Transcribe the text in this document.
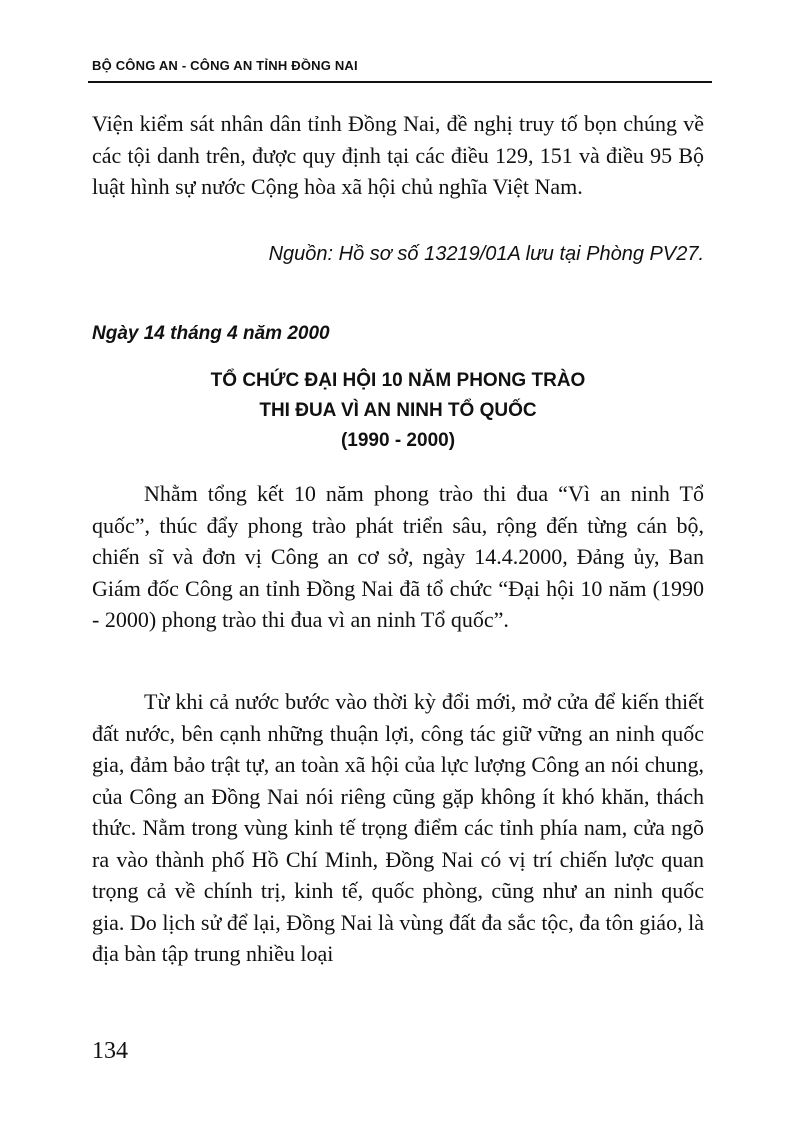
BỘ CÔNG AN - CÔNG AN TỈNH ĐỒNG NAI

Viện kiểm sát nhân dân tỉnh Đồng Nai, đề nghị truy tố bọn chúng về các tội danh trên, được quy định tại các điều 129, 151 và điều 95 Bộ luật hình sự nước Cộng hòa xã hội chủ nghĩa Việt Nam.

Nguồn: Hồ sơ số 13219/01A lưu tại Phòng PV27.

Ngày 14 tháng 4 năm 2000

TỔ CHỨC ĐẠI HỘI 10 NĂM PHONG TRÀO

THI ĐUA VÌ AN NINH TỔ QUỐC

(1990 - 2000)

Nhằm tổng kết 10 năm phong trào thi đua “Vì an ninh Tổ quốc”, thúc đẩy phong trào phát triển sâu, rộng đến từng cán bộ, chiến sĩ và đơn vị Công an cơ sở, ngày 14.4.2000, Đảng ủy, Ban Giám đốc Công an tỉnh Đồng Nai đã tổ chức “Đại hội 10 năm (1990 - 2000) phong trào thi đua vì an ninh Tổ quốc”.

Từ khi cả nước bước vào thời kỳ đổi mới, mở cửa để kiến thiết đất nước, bên cạnh những thuận lợi, công tác giữ vững an ninh quốc gia, đảm bảo trật tự, an toàn xã hội của lực lượng Công an nói chung, của Công an Đồng Nai nói riêng cũng gặp không ít khó khăn, thách thức. Nằm trong vùng kinh tế trọng điểm các tỉnh phía nam, cửa ngõ ra vào thành phố Hồ Chí Minh, Đồng Nai có vị trí chiến lược quan trọng cả về chính trị, kinh tế, quốc phòng, cũng như an ninh quốc gia. Do lịch sử để lại, Đồng Nai là vùng đất đa sắc tộc, đa tôn giáo, là địa bàn tập trung nhiều loại

134
